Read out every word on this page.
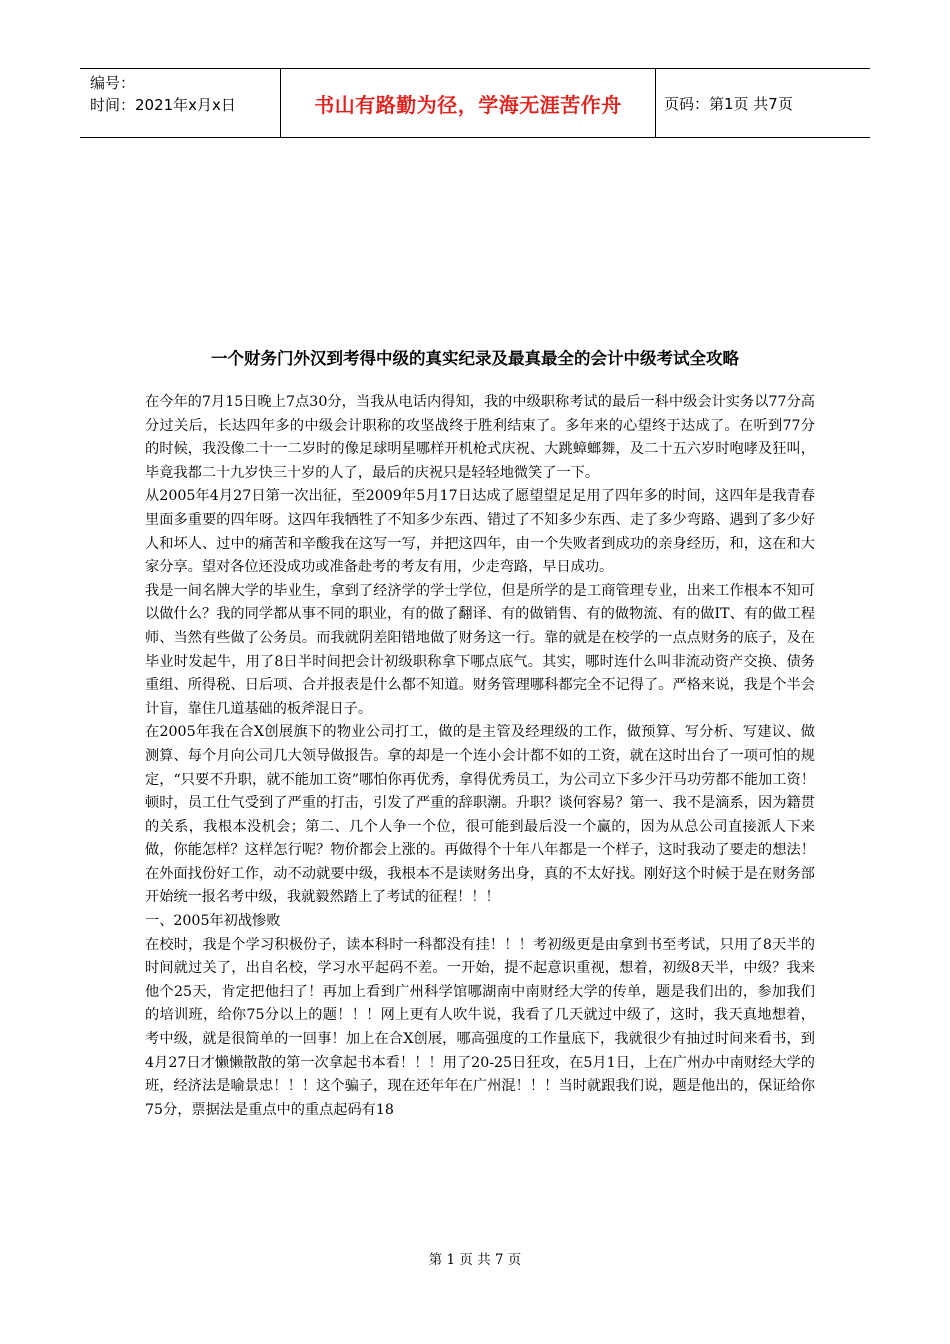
编号：
时间：2021年x月x日	书山有路勤为径，学海无涯苦作舟	页码：第1页 共7页
一个财务门外汉到考得中级的真实纪录及最真最全的会计中级考试全攻略

在今年的7月15日晚上7点30分，当我从电话内得知，我的中级职称考试的最后一科中级会计实务以77分高分过关后，长达四年多的中级会计职称的攻坚战终于胜利结束了。多年来的心望终于达成了。在听到77分的时候，我没像二十一二岁时的像足球明星哪样开机枪式庆祝、大跳蟑螂舞，及二十五六岁时咆哮及狂叫，毕竟我都二十九岁快三十岁的人了，最后的庆祝只是轻轻地微笑了一下。

从2005年4月27日第一次出征，至2009年5月17日达成了愿望望足足用了四年多的时间，这四年是我青春里面多重要的四年呀。这四年我牺牲了不知多少东西、错过了不知多少东西、走了多少弯路、遇到了多少好人和坏人、过中的痛苦和辛酸我在这写一写，并把这四年，由一个失败者到成功的亲身经历，和，这在和大家分享。望对各位还没成功或准备赴考的考友有用，少走弯路，早日成功。

我是一间名牌大学的毕业生，拿到了经济学的学士学位，但是所学的是工商管理专业，出来工作根本不知可以做什么？我的同学都从事不同的职业，有的做了翻译、有的做销售、有的做物流、有的做IT、有的做工程师、当然有些做了公务员。而我就阴差阳错地做了财务这一行。靠的就是在校学的一点点财务的底子，及在毕业时发起牛，用了8日半时间把会计初级职称拿下哪点底气。其实，哪时连什么叫非流动资产交换、债务重组、所得税、日后项、合并报表是什么都不知道。财务管理哪科都完全不记得了。严格来说，我是个半会计盲，靠住几道基础的板斧混日子。

在2005年我在合X创展旗下的物业公司打工，做的是主管及经理级的工作，做预算、写分析、写建议、做测算、每个月向公司几大领导做报告。拿的却是一个连小会计都不如的工资，就在这时出台了一项可怕的规定，“只要不升职，就不能加工资”哪怕你再优秀，拿得优秀员工，为公司立下多少汗马功劳都不能加工资！顿时，员工仕气受到了严重的打击，引发了严重的辞职潮。升职？谈何容易？第一、我不是滴系，因为籍贯的关系，我根本没机会；第二、几个人争一个位，很可能到最后没一个赢的，因为从总公司直接派人下来做，你能怎样？这样怎行呢？物价都会上涨的。再做得个十年八年都是一个样子，这时我动了要走的想法！在外面找份好工作，动不动就要中级，我根本不是读财务出身，真的不太好找。刚好这个时候于是在财务部开始统一报名考中级，我就毅然踏上了考试的征程！！！

一、2005年初战惨败

在校时，我是个学习积极份子，读本科时一科都没有挂！！！考初级更是由拿到书至考试，只用了8天半的时间就过关了，出自名校，学习水平起码不差。一开始，提不起意识重视，想着，初级8天半，中级？我来他个25天，肯定把他扫了！再加上看到广州科学馆哪湖南中南财经大学的传单，题是我们出的，参加我们的培训班，给你75分以上的题！！！网上更有人吹牛说，我看了几天就过中级了，这时，我天真地想着，考中级，就是很简单的一回事！加上在合X创展，哪高强度的工作量底下，我就很少有抽过时间来看书，到4月27日才懒懒散散的第一次拿起书本看！！！用了20-25日狂攻，在5月1日，上在广州办中南财经大学的班，经济法是喻景忠！！！这个骗子，现在还年年在广州混！！！当时就跟我们说，题是他出的，保证给你75分，票据法是重点中的重点起码有18

第 1 页 共 7 页
